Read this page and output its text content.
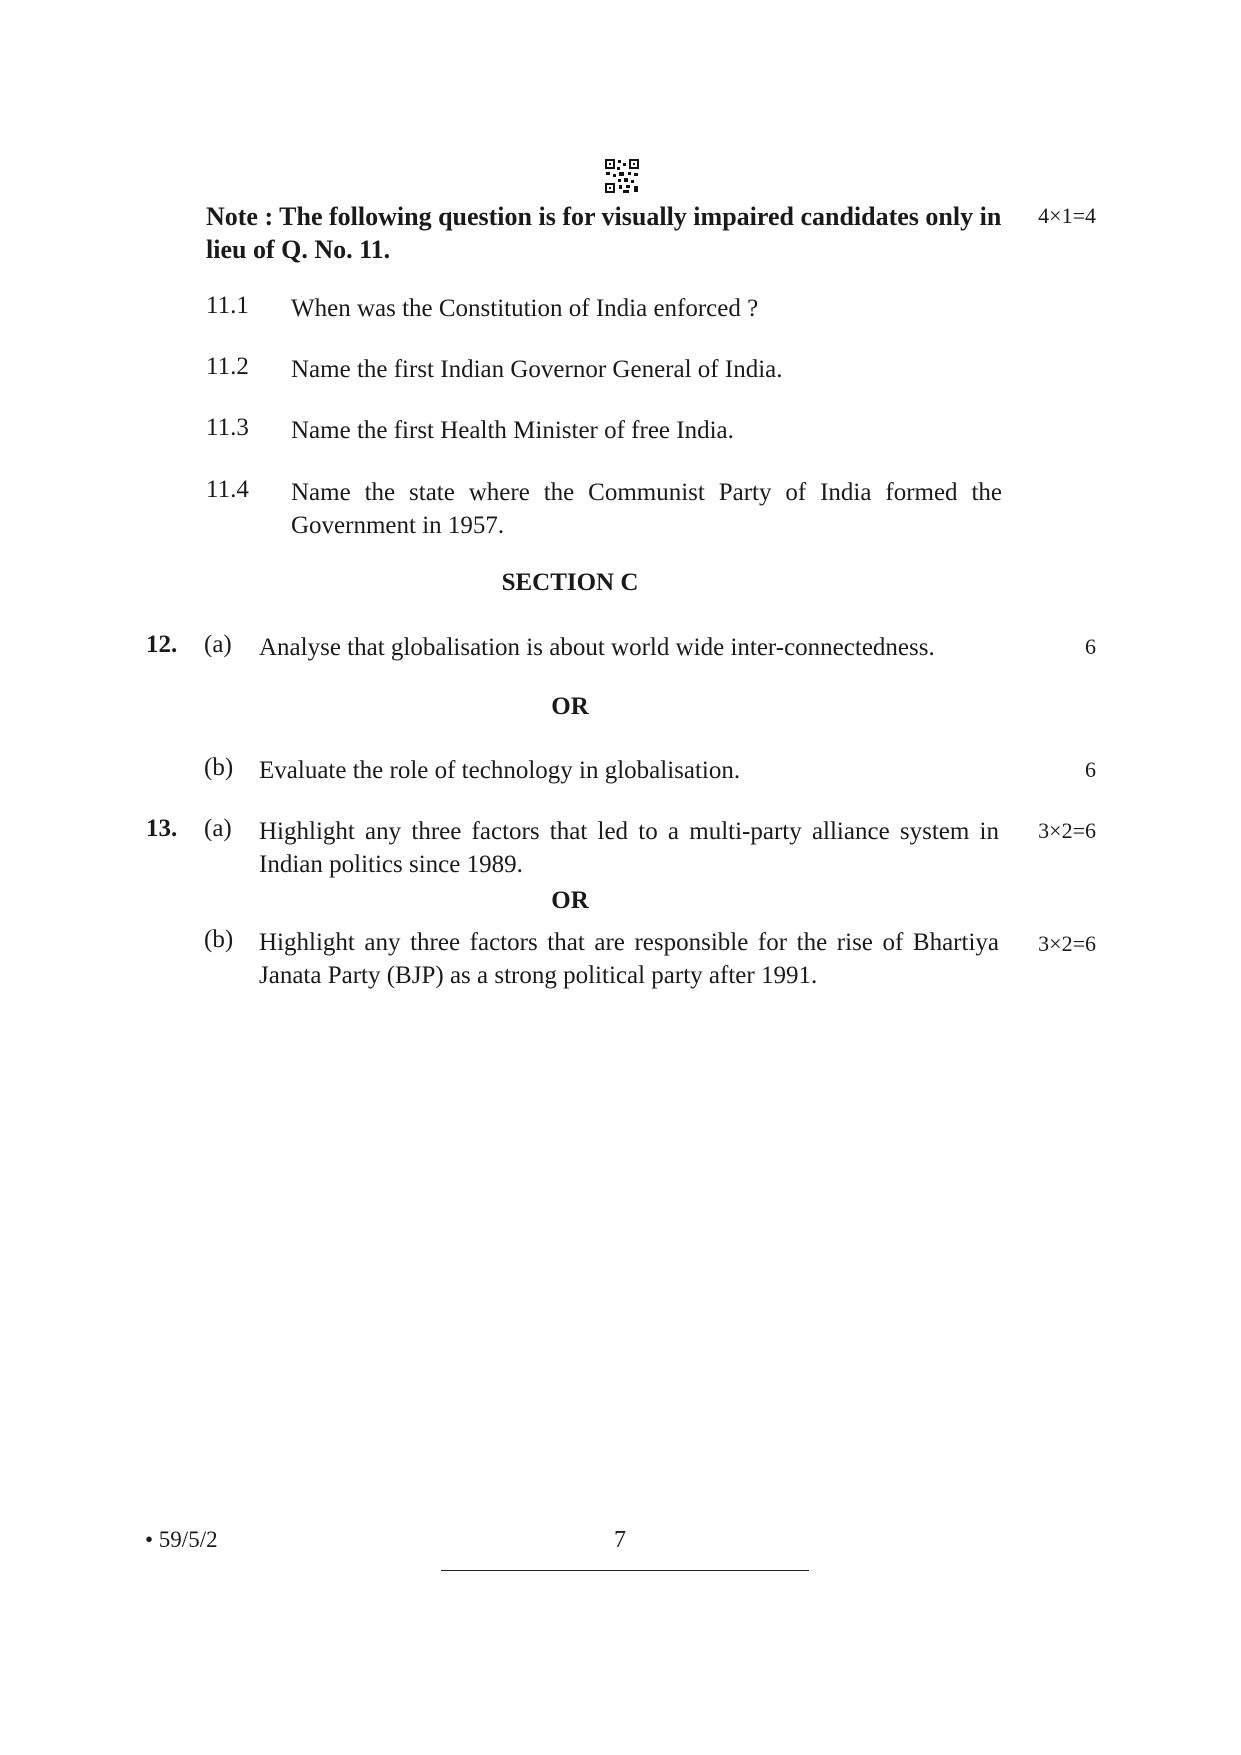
Note : The following question is for visually impaired candidates only in lieu of Q. No. 11.
4×1=4
11.1 When was the Constitution of India enforced ?
11.2 Name the first Indian Governor General of India.
11.3 Name the first Health Minister of free India.
11.4 Name the state where the Communist Party of India formed the Government in 1957.
SECTION C
12. (a) Analyse that globalisation is about world wide inter-connectedness.	6
OR
(b) Evaluate the role of technology in globalisation.	6
13. (a) Highlight any three factors that led to a multi-party alliance system in Indian politics since 1989.
3×2=6
OR
(b) Highlight any three factors that are responsible for the rise of Bhartiya Janata Party (BJP) as a strong political party after 1991.
3×2=6
• 59/5/2	7
